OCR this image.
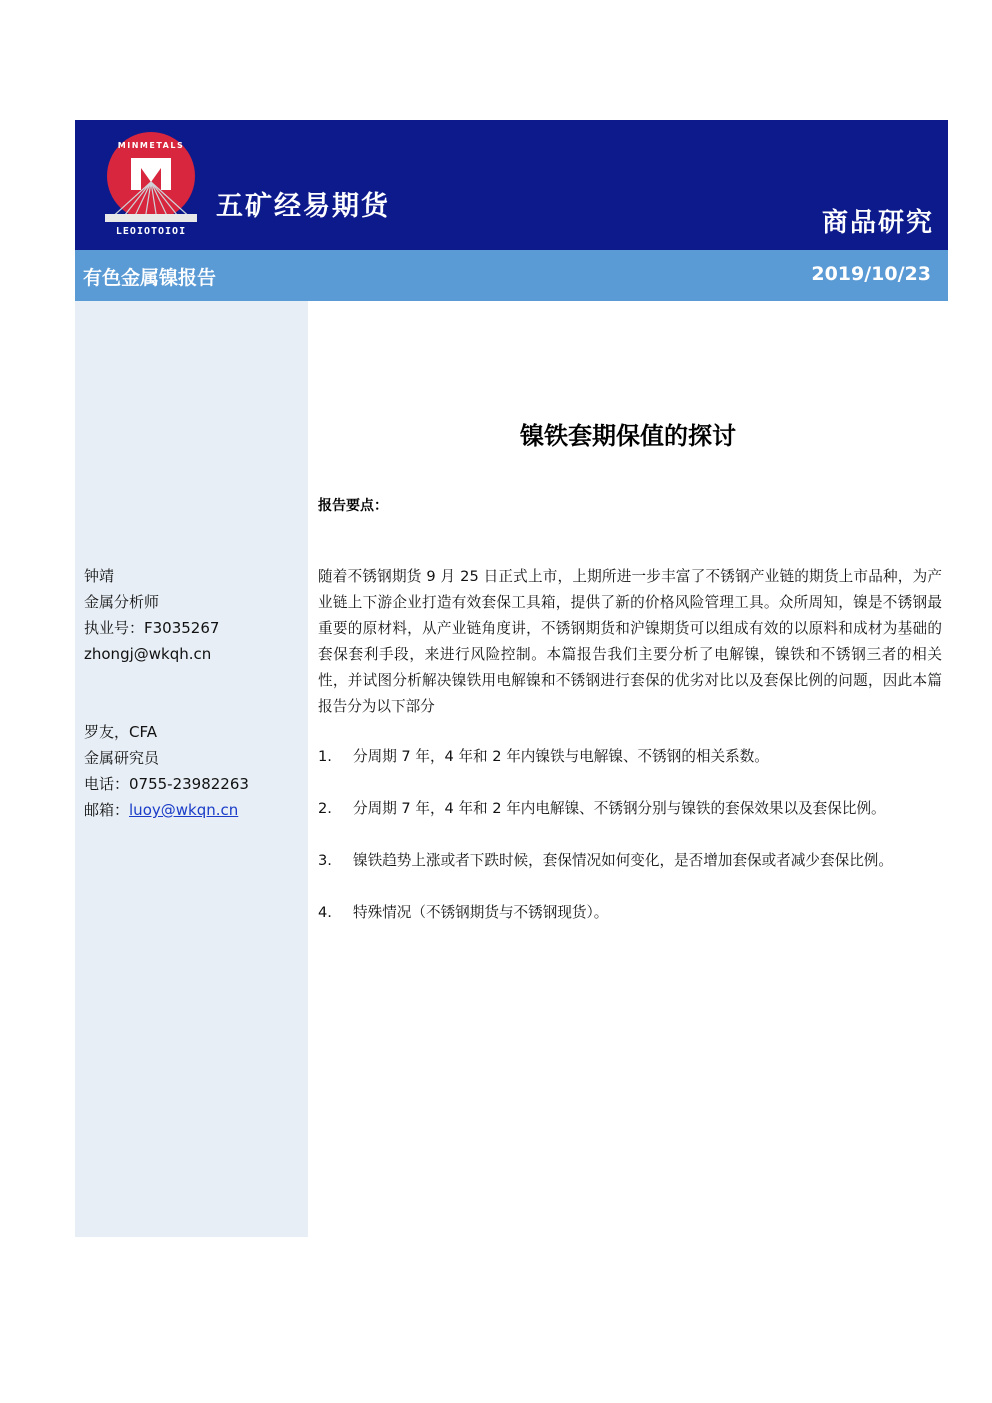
MINMETALS
LEOIOTOIOI
五矿经易期货
商品研究
有色金属镍报告	2019/10/23
钟靖
金属分析师
执业号：F3035267
zhongj@wkqh.cn
罗友，CFA
金属研究员
电话：0755-23982263
邮箱：luoy@wkqn.cn
镍铁套期保值的探讨
报告要点：
随着不锈钢期货 9 月 25 日正式上市，上期所进一步丰富了不锈钢产业链的期货上市品种，为产业链上下游企业打造有效套保工具箱，提供了新的价格风险管理工具。众所周知，镍是不锈钢最重要的原材料，从产业链角度讲，不锈钢期货和沪镍期货可以组成有效的以原料和成材为基础的套保套利手段，来进行风险控制。本篇报告我们主要分析了电解镍，镍铁和不锈钢三者的相关性，并试图分析解决镍铁用电解镍和不锈钢进行套保的优劣对比以及套保比例的问题，因此本篇报告分为以下部分
1. 分周期 7 年，4 年和 2 年内镍铁与电解镍、不锈钢的相关系数。
2. 分周期 7 年，4 年和 2 年内电解镍、不锈钢分别与镍铁的套保效果以及套保比例。
3. 镍铁趋势上涨或者下跌时候，套保情况如何变化，是否增加套保或者减少套保比例。
4. 特殊情况（不锈钢期货与不锈钢现货）。
